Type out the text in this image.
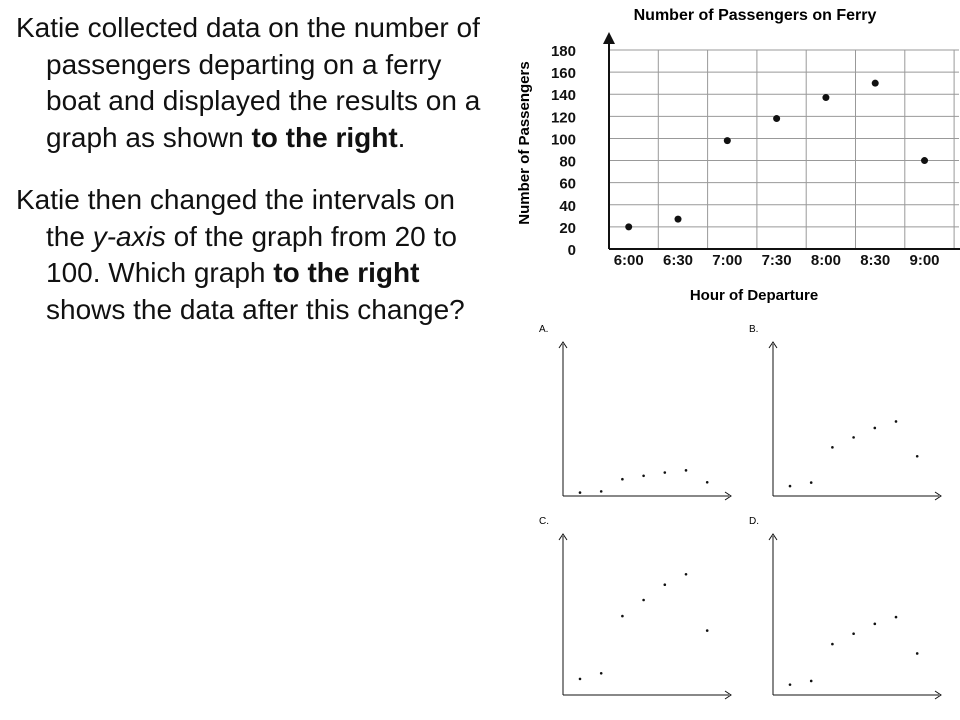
Katie collected data on the number of passengers departing on a ferry boat and displayed the results on a graph as shown to the right.

Katie then changed the intervals on the y-axis of the graph from 20 to 100. Which graph to the right shows the data after this change?

Number of Passengers on Ferry
Number of Passengers
Hour of Departure
0
20
40
60
80
100
120
140
160
180
6:00 6:30 7:00 7:30 8:00 8:30 9:00
A.	B.
C.	D.
